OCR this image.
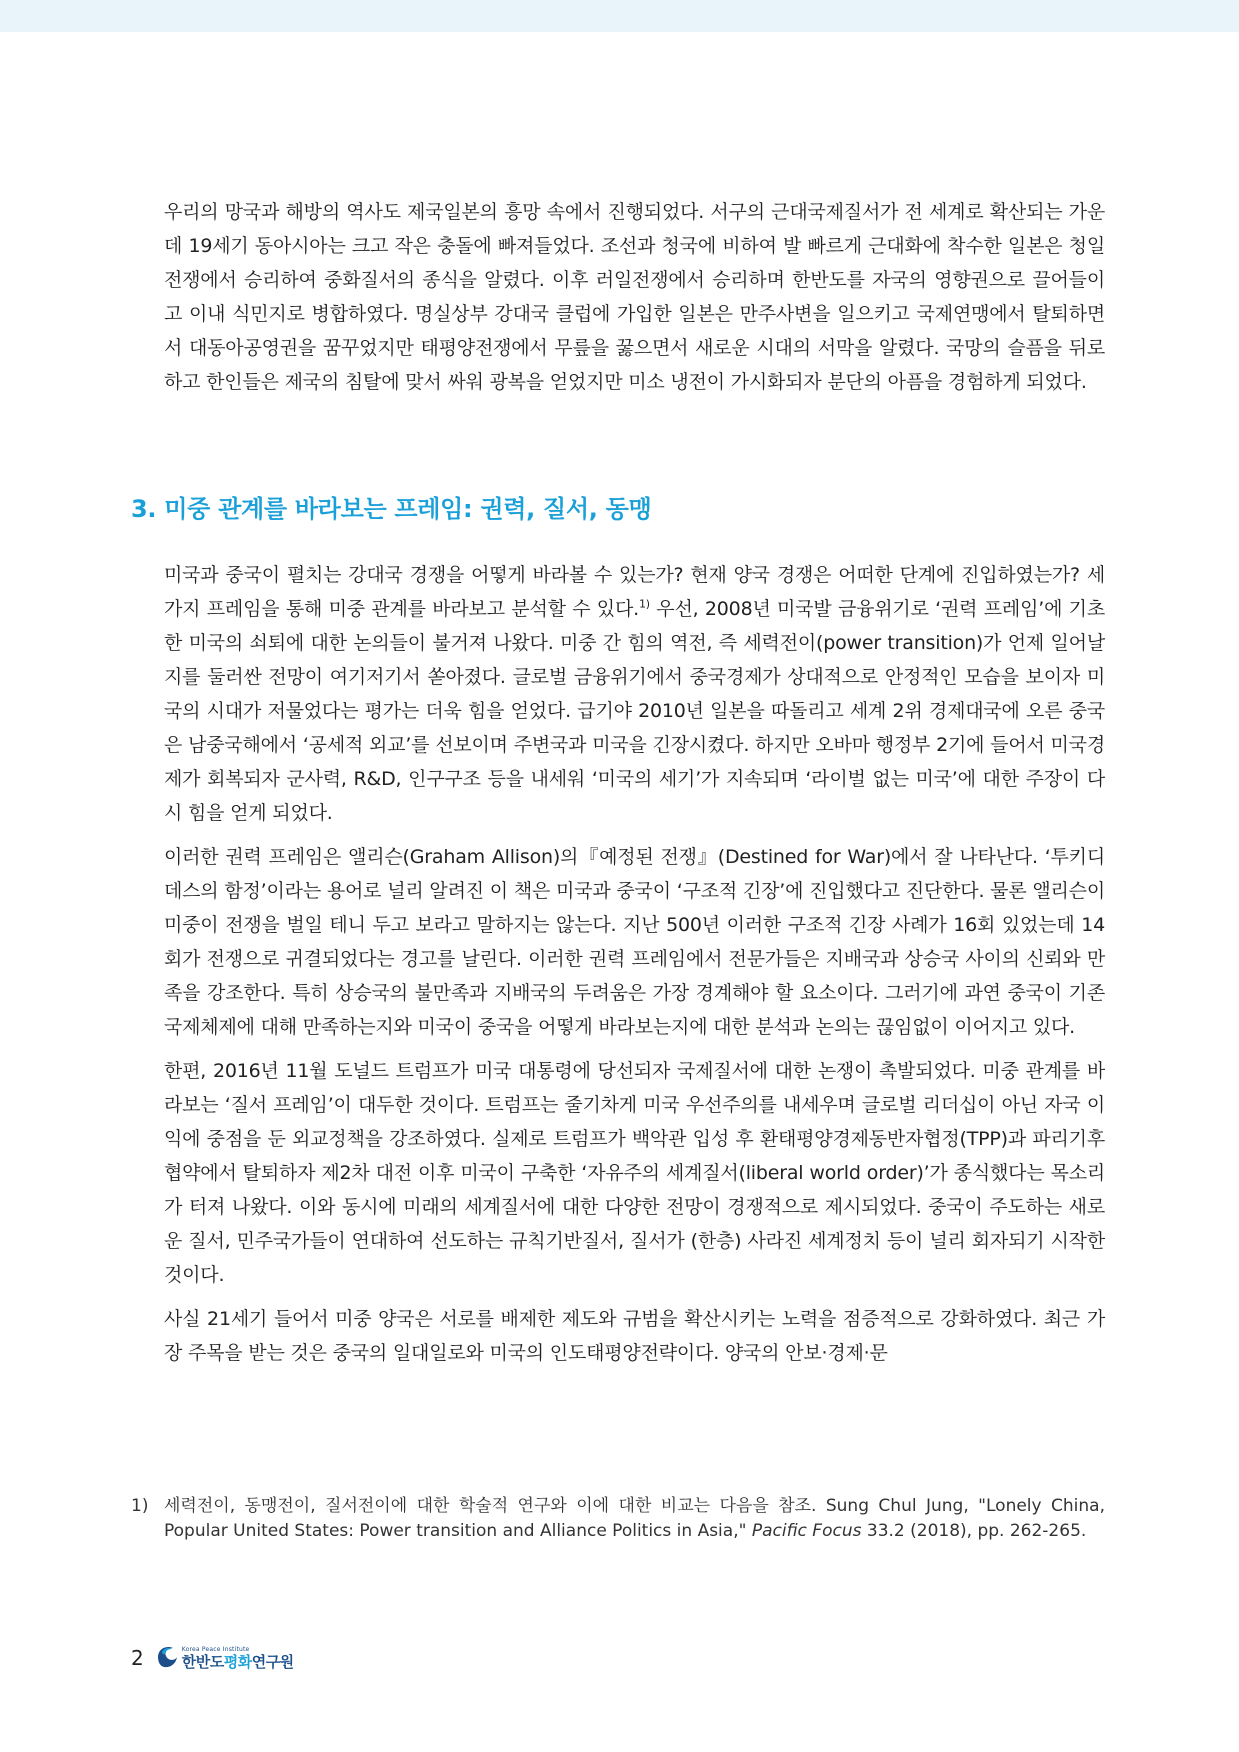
우리의 망국과 해방의 역사도 제국일본의 흥망 속에서 진행되었다. 서구의 근대국제질서가 전 세계로 확산되는 가운데 19세기 동아시아는 크고 작은 충돌에 빠져들었다. 조선과 청국에 비하여 발 빠르게 근대화에 착수한 일본은 청일전쟁에서 승리하여 중화질서의 종식을 알렸다. 이후 러일전쟁에서 승리하며 한반도를 자국의 영향권으로 끌어들이고 이내 식민지로 병합하였다. 명실상부 강대국 클럽에 가입한 일본은 만주사변을 일으키고 국제연맹에서 탈퇴하면서 대동아공영권을 꿈꾸었지만 태평양전쟁에서 무릎을 꿇으면서 새로운 시대의 서막을 알렸다. 국망의 슬픔을 뒤로 하고 한인들은 제국의 침탈에 맞서 싸워 광복을 얻었지만 미소 냉전이 가시화되자 분단의 아픔을 경험하게 되었다.

3. 미중 관계를 바라보는 프레임: 권력, 질서, 동맹

미국과 중국이 펼치는 강대국 경쟁을 어떻게 바라볼 수 있는가? 현재 양국 경쟁은 어떠한 단계에 진입하였는가? 세 가지 프레임을 통해 미중 관계를 바라보고 분석할 수 있다.$^{1)}$ 우선, 2008년 미국발 금융위기로 ‘권력 프레임’에 기초한 미국의 쇠퇴에 대한 논의들이 불거져 나왔다. 미중 간 힘의 역전, 즉 세력전이(power transition)가 언제 일어날지를 둘러싼 전망이 여기저기서 쏟아졌다. 글로벌 금융위기에서 중국경제가 상대적으로 안정적인 모습을 보이자 미국의 시대가 저물었다는 평가는 더욱 힘을 얻었다. 급기야 2010년 일본을 따돌리고 세계 2위 경제대국에 오른 중국은 남중국해에서 ‘공세적 외교’를 선보이며 주변국과 미국을 긴장시켰다. 하지만 오바마 행정부 2기에 들어서 미국경제가 회복되자 군사력, R&D, 인구구조 등을 내세워 ‘미국의 세기’가 지속되며 ‘라이벌 없는 미국’에 대한 주장이 다시 힘을 얻게 되었다.

이러한 권력 프레임은 앨리슨(Graham Allison)의『예정된 전쟁』(Destined for War)에서 잘 나타난다. ‘투키디데스의 함정’이라는 용어로 널리 알려진 이 책은 미국과 중국이 ‘구조적 긴장’에 진입했다고 진단한다. 물론 앨리슨이 미중이 전쟁을 벌일 테니 두고 보라고 말하지는 않는다. 지난 500년 이러한 구조적 긴장 사례가 16회 있었는데 14회가 전쟁으로 귀결되었다는 경고를 날린다. 이러한 권력 프레임에서 전문가들은 지배국과 상승국 사이의 신뢰와 만족을 강조한다. 특히 상승국의 불만족과 지배국의 두려움은 가장 경계해야 할 요소이다. 그러기에 과연 중국이 기존 국제체제에 대해 만족하는지와 미국이 중국을 어떻게 바라보는지에 대한 분석과 논의는 끊임없이 이어지고 있다.

한편, 2016년 11월 도널드 트럼프가 미국 대통령에 당선되자 국제질서에 대한 논쟁이 촉발되었다. 미중 관계를 바라보는 ‘질서 프레임’이 대두한 것이다. 트럼프는 줄기차게 미국 우선주의를 내세우며 글로벌 리더십이 아닌 자국 이익에 중점을 둔 외교정책을 강조하였다. 실제로 트럼프가 백악관 입성 후 환태평양경제동반자협정(TPP)과 파리기후협약에서 탈퇴하자 제2차 대전 이후 미국이 구축한 ‘자유주의 세계질서(liberal world order)’가 종식했다는 목소리가 터져 나왔다. 이와 동시에 미래의 세계질서에 대한 다양한 전망이 경쟁적으로 제시되었다. 중국이 주도하는 새로운 질서, 민주국가들이 연대하여 선도하는 규칙기반질서, 질서가 (한층) 사라진 세계정치 등이 널리 회자되기 시작한 것이다.

사실 21세기 들어서 미중 양국은 서로를 배제한 제도와 규범을 확산시키는 노력을 점증적으로 강화하였다. 최근 가장 주목을 받는 것은 중국의 일대일로와 미국의 인도태평양전략이다. 양국의 안보·경제·문

1) 세력전이, 동맹전이, 질서전이에 대한 학술적 연구와 이에 대한 비교는 다음을 참조. Sung Chul Jung, "Lonely China, Popular United States: Power transition and Alliance Politics in Asia," Pacific Focus 33.2 (2018), pp. 262-265.
2	Korea Peace Institute
한반도평화연구원
